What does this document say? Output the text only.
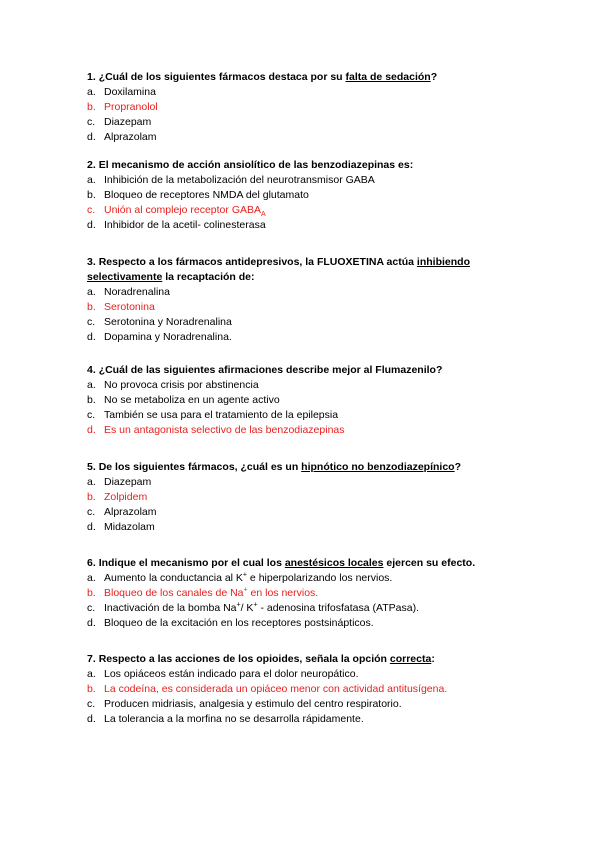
1. ¿Cuál de los siguientes fármacos destaca por su falta de sedación?

a. Doxilamina
b. Propranolol
c. Diazepam
d. Alprazolam

2. El mecanismo de acción ansiolítico de las benzodiazepinas es:

a. Inhibición de la metabolización del neurotransmisor GABA
b. Bloqueo de receptores NMDA del glutamato
c. Unión al complejo receptor $GABA_A$
d. Inhibidor de la acetil- colinesterasa

3. Respecto a los fármacos antidepresivos, la FLUOXETINA actúa inhibiendo selectivamente la recaptación de:

a. Noradrenalina
b. Serotonina
c. Serotonina y Noradrenalina
d. Dopamina y Noradrenalina.

4. ¿Cuál de las siguientes afirmaciones describe mejor al Flumazenilo?

a. No provoca crisis por abstinencia
b. No se metaboliza en un agente activo
c. También se usa para el tratamiento de la epilepsia
d. Es un antagonista selectivo de las benzodiazepinas

5. De los siguientes fármacos, ¿cuál es un hipnótico no benzodiazepínico?

a. Diazepam
b. Zolpidem
c. Alprazolam
d. Midazolam

6. Indique el mecanismo por el cual los anestésicos locales ejercen su efecto.

a. Aumento la conductancia al K+ e hiperpolarizando los nervios.
b. Bloqueo de los canales de Na+ en los nervios.
c. Inactivación de la bomba Na+/ K+ - adenosina trifosfatasa (ATPasa).
d. Bloqueo de la excitación en los receptores postsinápticos.

7. Respecto a las acciones de los opioides, señala la opción correcta:

a. Los opiáceos están indicado para el dolor neuropático.
b. La codeína, es considerada un opiáceo menor con actividad antitusígena.
c. Producen midriasis, analgesia y estimulo del centro respiratorio.
d. La tolerancia a la morfina no se desarrolla rápidamente.
